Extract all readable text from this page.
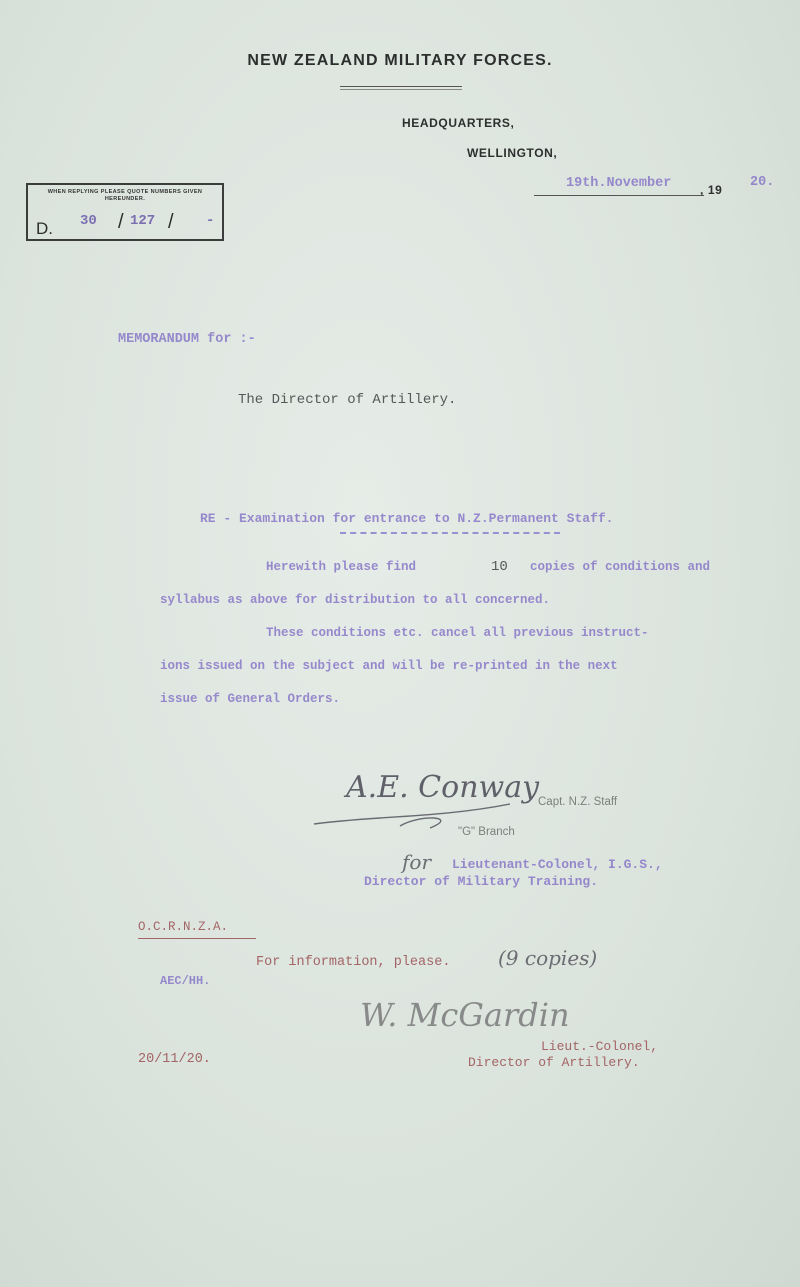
NEW ZEALAND MILITARY FORCES.
HEADQUARTERS,
WELLINGTON,
19th.November , 19 20.
WHEN REPLYING PLEASE QUOTE NUMBERS GIVEN HEREUNDER.
D. 30 / 127 / -
MEMORANDUM for :-
The Director of Artillery.
RE - Examination for entrance to N.Z.Permanent Staff.
Herewith please find	10 copies of conditions and
syllabus as above for distribution to all concerned.
These conditions etc. cancel all previous instruct-
ions issued on the subject and will be re-printed in the next
issue of General Orders.
A.E. Conway
Capt. N.Z. Staff
"G" Branch
for Lieutenant-Colonel, I.G.S.,
Director of Military Training.
O.C.R.N.Z.A.
For information, please. (9 copies)
AEC/HH.
W. McGardin
20/11/20.
Lieut.-Colonel,
Director of Artillery.
